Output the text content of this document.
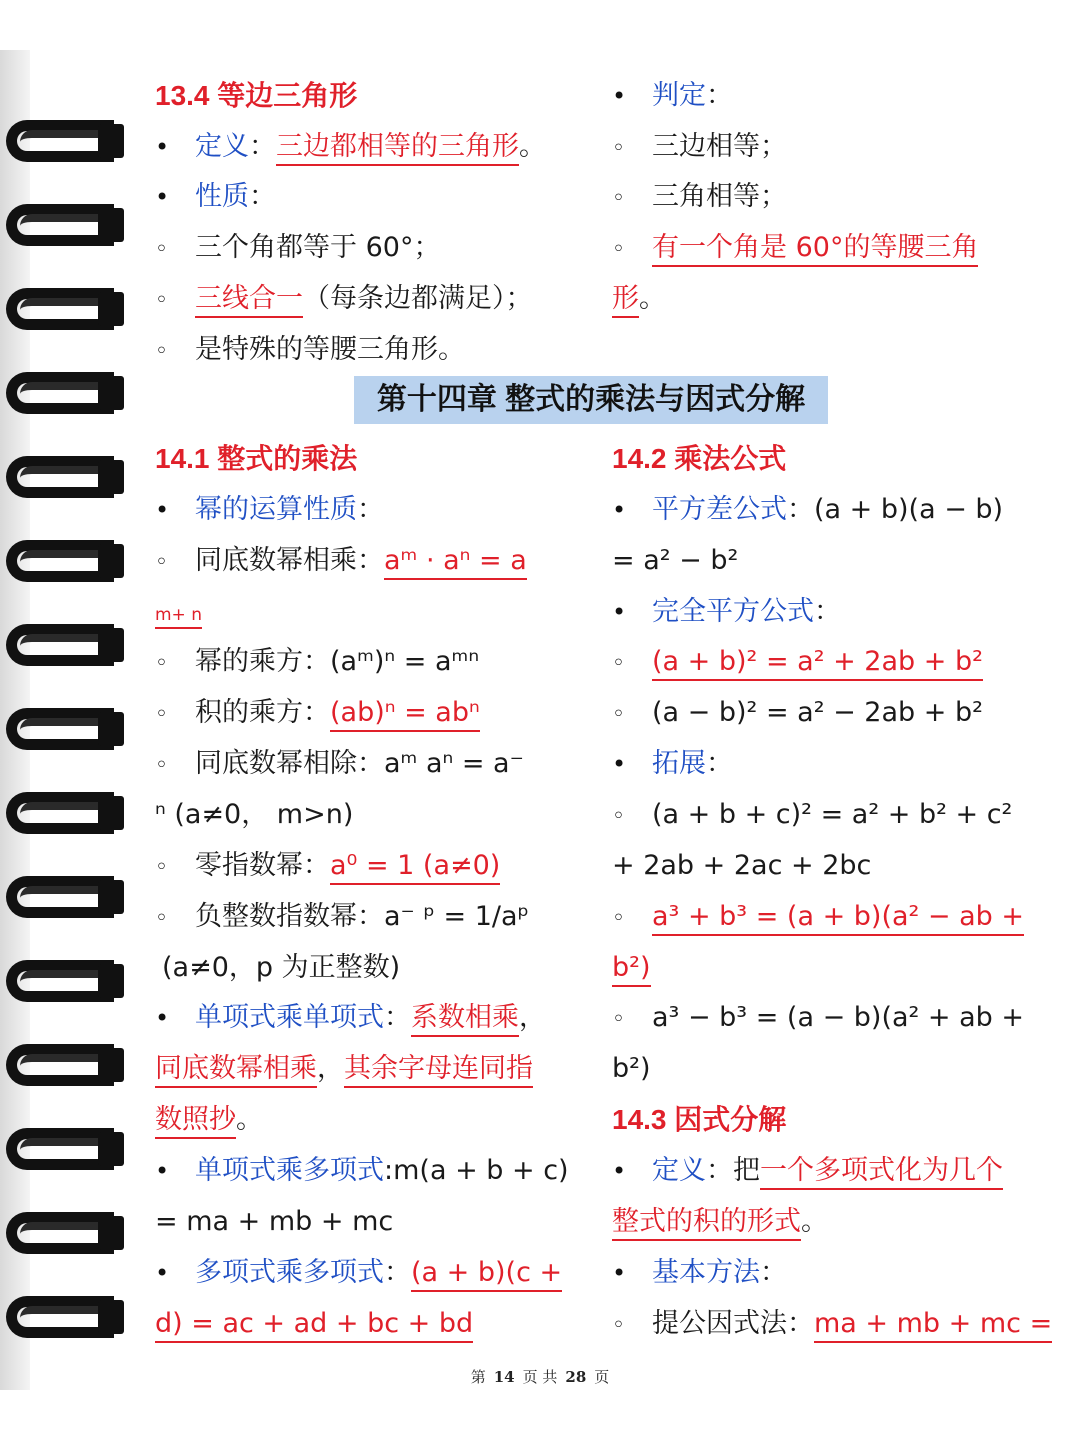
13.4 等边三角形
• 定义：三边都相等的三角形。
• 性质：
◦ 三个角都等于 60°；
◦ 三线合一（每条边都满足）；
◦ 是特殊的等腰三角形。
• 判定：
◦ 三边相等；
◦ 三角相等；
◦ 有一个角是 60°的等腰三角
形。
第十四章 整式的乘法与因式分解
14.1 整式的乘法
• 幂的运算性质：
◦ 同底数幂相乘：aᵐ · aⁿ = a
m+ n
◦ 幂的乘方：(aᵐ)ⁿ = aᵐⁿ
◦ 积的乘方：(ab)ⁿ = abⁿ
◦ 同底数幂相除：aᵐ aⁿ = a⁻
ⁿ (a≠0， m>n)
◦ 零指数幂：a⁰ = 1 (a≠0)
◦ 负整数指数幂：a⁻ ᵖ = 1/aᵖ
(a≠0，p 为正整数)
• 单项式乘单项式：系数相乘，
同底数幂相乘，其余字母连同指
数照抄。
• 单项式乘多项式:m(a + b + c)
= ma + mb + mc
• 多项式乘多项式：(a + b)(c +
d) = ac + ad + bc + bd
14.2 乘法公式
• 平方差公式：(a + b)(a − b)
= a² − b²
• 完全平方公式：
◦ (a + b)² = a² + 2ab + b²
◦ (a − b)² = a² − 2ab + b²
• 拓展：
◦ (a + b + c)² = a² + b² + c²
+ 2ab + 2ac + 2bc
◦ a³ + b³ = (a + b)(a² − ab +
b²)
◦ a³ − b³ = (a − b)(a² + ab +
b²)
14.3 因式分解
• 定义：把一个多项式化为几个
整式的积的形式。
• 基本方法：
◦ 提公因式法：ma + mb + mc =
第 14 页 共 28 页
